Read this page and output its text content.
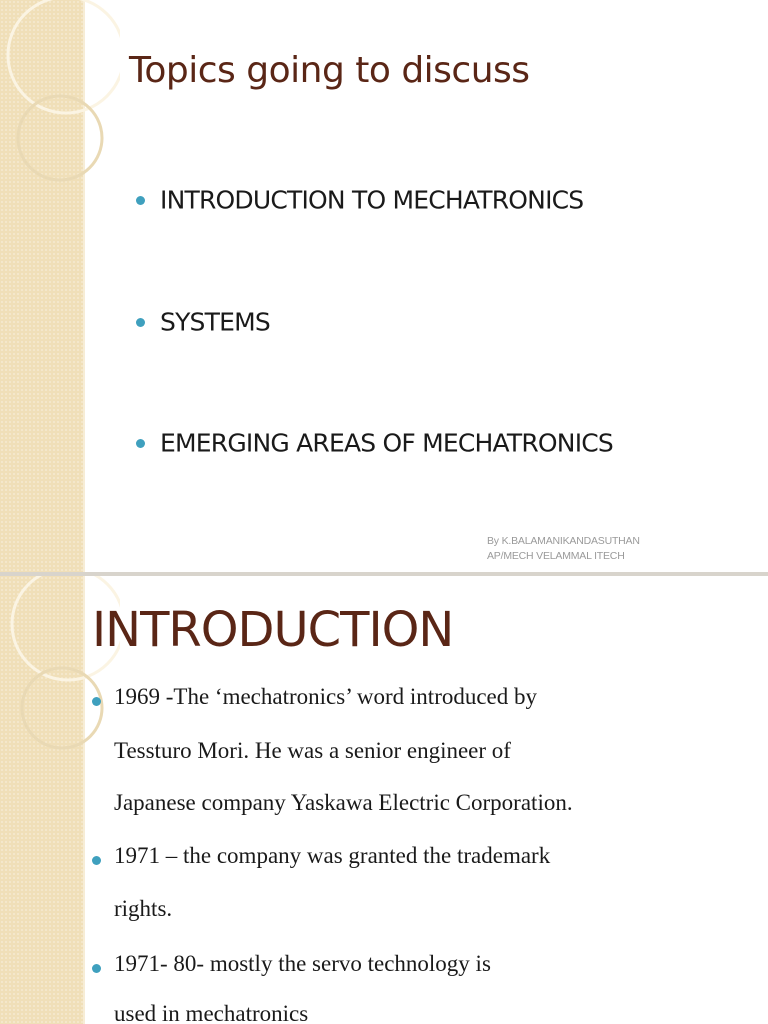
Topics going to discuss
INTRODUCTION TO MECHATRONICS
SYSTEMS
EMERGING AREAS OF MECHATRONICS
By K.BALAMANIKANDASUTHAN
AP/MECH VELAMMAL ITECH
INTRODUCTION
1969 -The ‘mechatronics’ word introduced by
Tessturo Mori. He was a senior engineer of
Japanese company Yaskawa Electric Corporation.
1971 – the company was granted the trademark
rights.
1971- 80- mostly the servo technology is
used in mechatronics
